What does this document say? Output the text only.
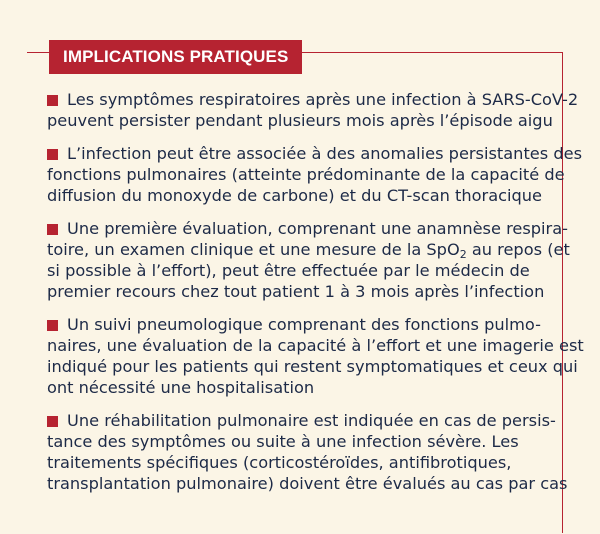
IMPLICATIONS PRATIQUES
Les symptômes respiratoires après une infection à SARS-CoV-2
peuvent persister pendant plusieurs mois après l’épisode aigu
L’infection peut être associée à des anomalies persistantes des
fonctions pulmonaires (atteinte prédominante de la capacité de
diffusion du monoxyde de carbone) et du CT-scan thoracique
Une première évaluation, comprenant une anamnèse respira-
toire, un examen clinique et une mesure de la SpO$_2$ au repos (et
si possible à l’effort), peut être effectuée par le médecin de
premier recours chez tout patient 1 à 3 mois après l’infection
Un suivi pneumologique comprenant des fonctions pulmo-
naires, une évaluation de la capacité à l’effort et une imagerie est
indiqué pour les patients qui restent symptomatiques et ceux qui
ont nécessité une hospitalisation
Une réhabilitation pulmonaire est indiquée en cas de persis-
tance des symptômes ou suite à une infection sévère. Les
traitements spécifiques (corticostéroïdes, antifibrotiques,
transplantation pulmonaire) doivent être évalués au cas par cas
